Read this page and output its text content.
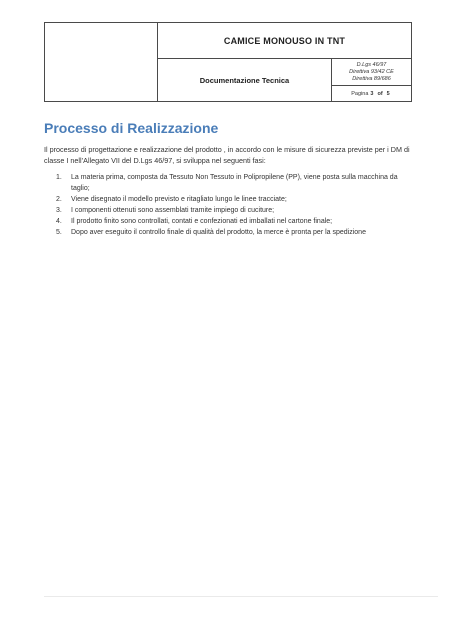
CAMICE MONOUSO IN TNT
Documentazione Tecnica
D.Lgs 46/97
Direttiva 93/42 CE
Direttiva 89/686
Pagina 3 of 5
Processo di Realizzazione
Il processo di progettazione e realizzazione del prodotto , in accordo con le misure di sicurezza previste per i DM di classe I nell’Allegato VII del D.Lgs 46/97, si sviluppa nel seguenti fasi:
1. La materia prima, composta da Tessuto Non Tessuto in Polipropilene (PP), viene posta sulla macchina da taglio;
2. Viene disegnato il modello previsto e ritagliato lungo le linee tracciate;
3. I componenti ottenuti sono assemblati tramite impiego di cuciture;
4. Il prodotto finito sono controllati, contati e confezionati ed imballati nel cartone finale;
5. Dopo aver eseguito il controllo finale di qualità del prodotto, la merce è pronta per la spedizione
